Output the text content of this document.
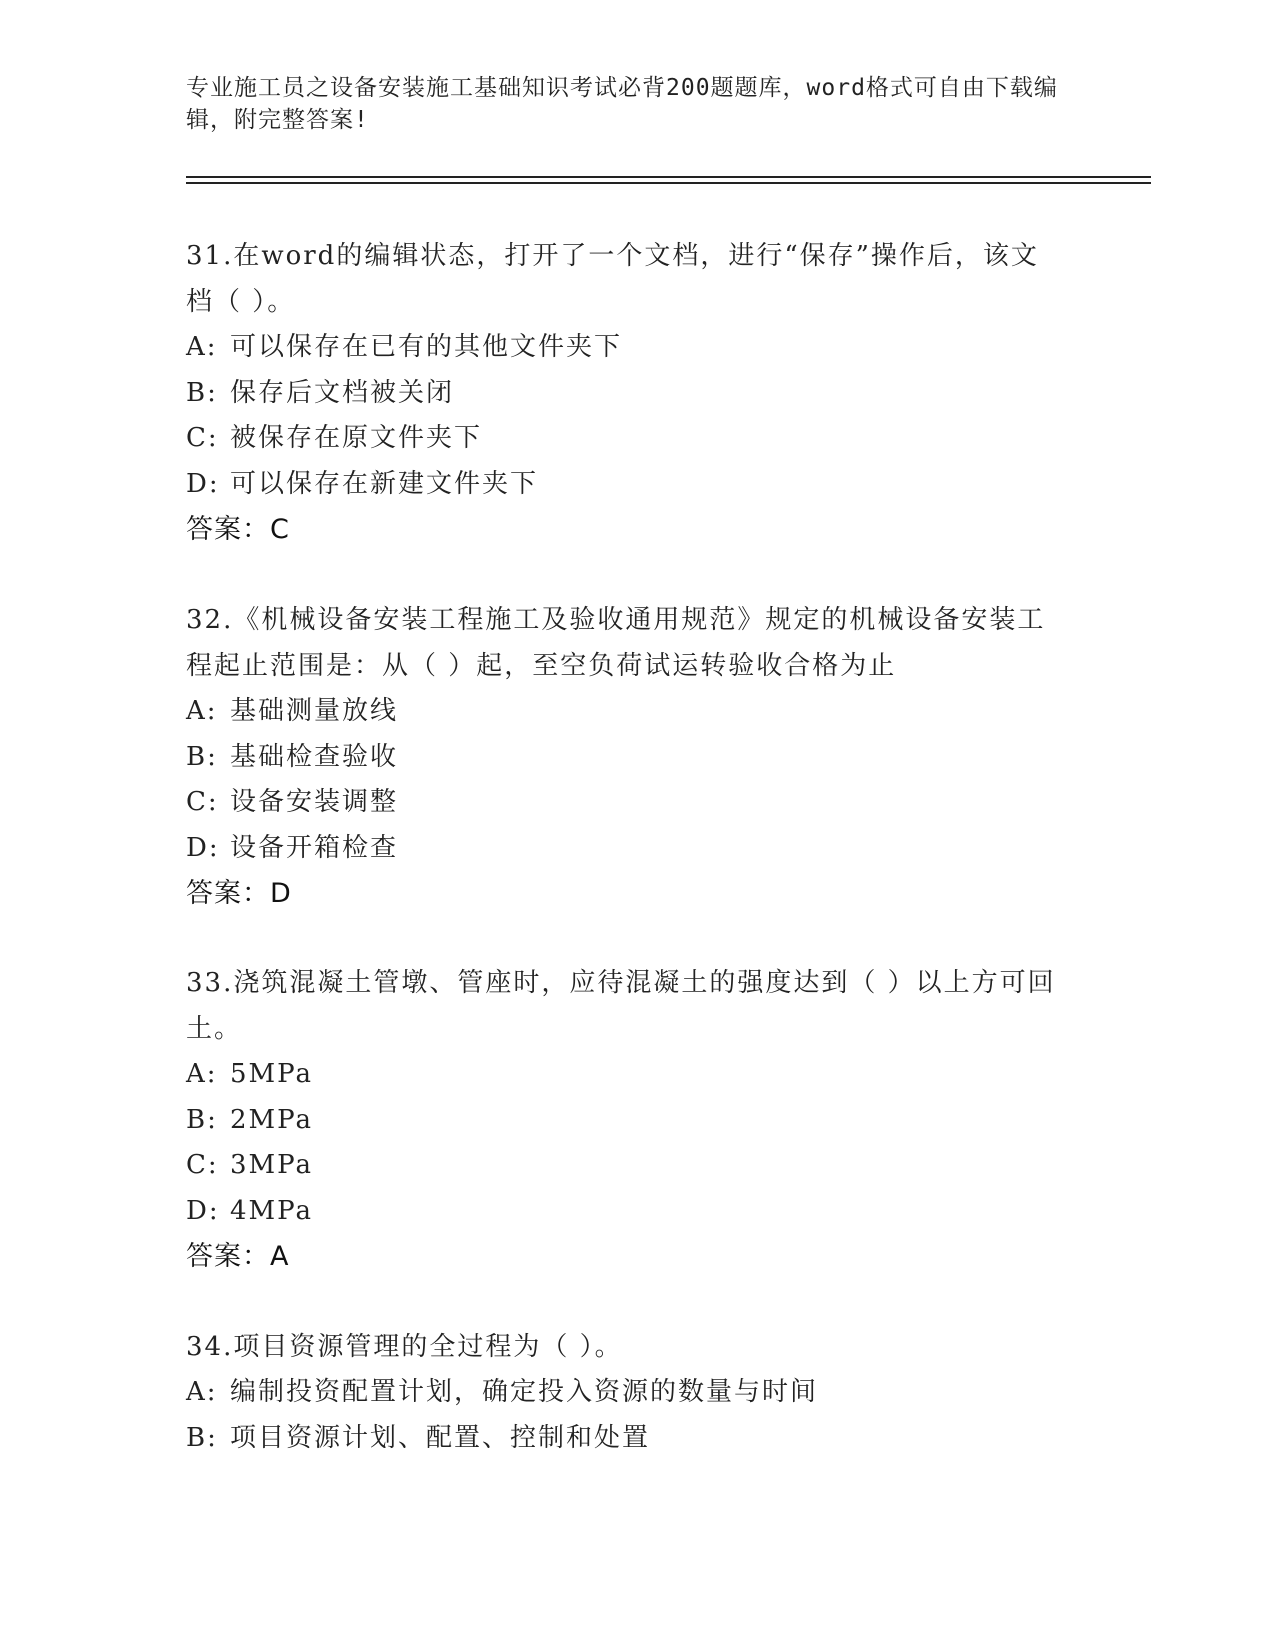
专业施工员之设备安装施工基础知识考试必背200题题库，word格式可自由下载编辑，附完整答案!
31.在word的编辑状态，打开了一个文档，进行“保存”操作后，该文档（ ）。
A: 可以保存在已有的其他文件夹下
B: 保存后文档被关闭
C: 被保存在原文件夹下
D: 可以保存在新建文件夹下
答案：C
32.《机械设备安装工程施工及验收通用规范》规定的机械设备安装工程起止范围是：从（ ）起，至空负荷试运转验收合格为止
A: 基础测量放线
B: 基础检查验收
C: 设备安装调整
D: 设备开箱检查
答案：D
33.浇筑混凝土管墩、管座时，应待混凝土的强度达到（ ）以上方可回土。
A: 5MPa
B: 2MPa
C: 3MPa
D: 4MPa
答案：A
34.项目资源管理的全过程为（ ）。
A: 编制投资配置计划，确定投入资源的数量与时间
B: 项目资源计划、配置、控制和处置
